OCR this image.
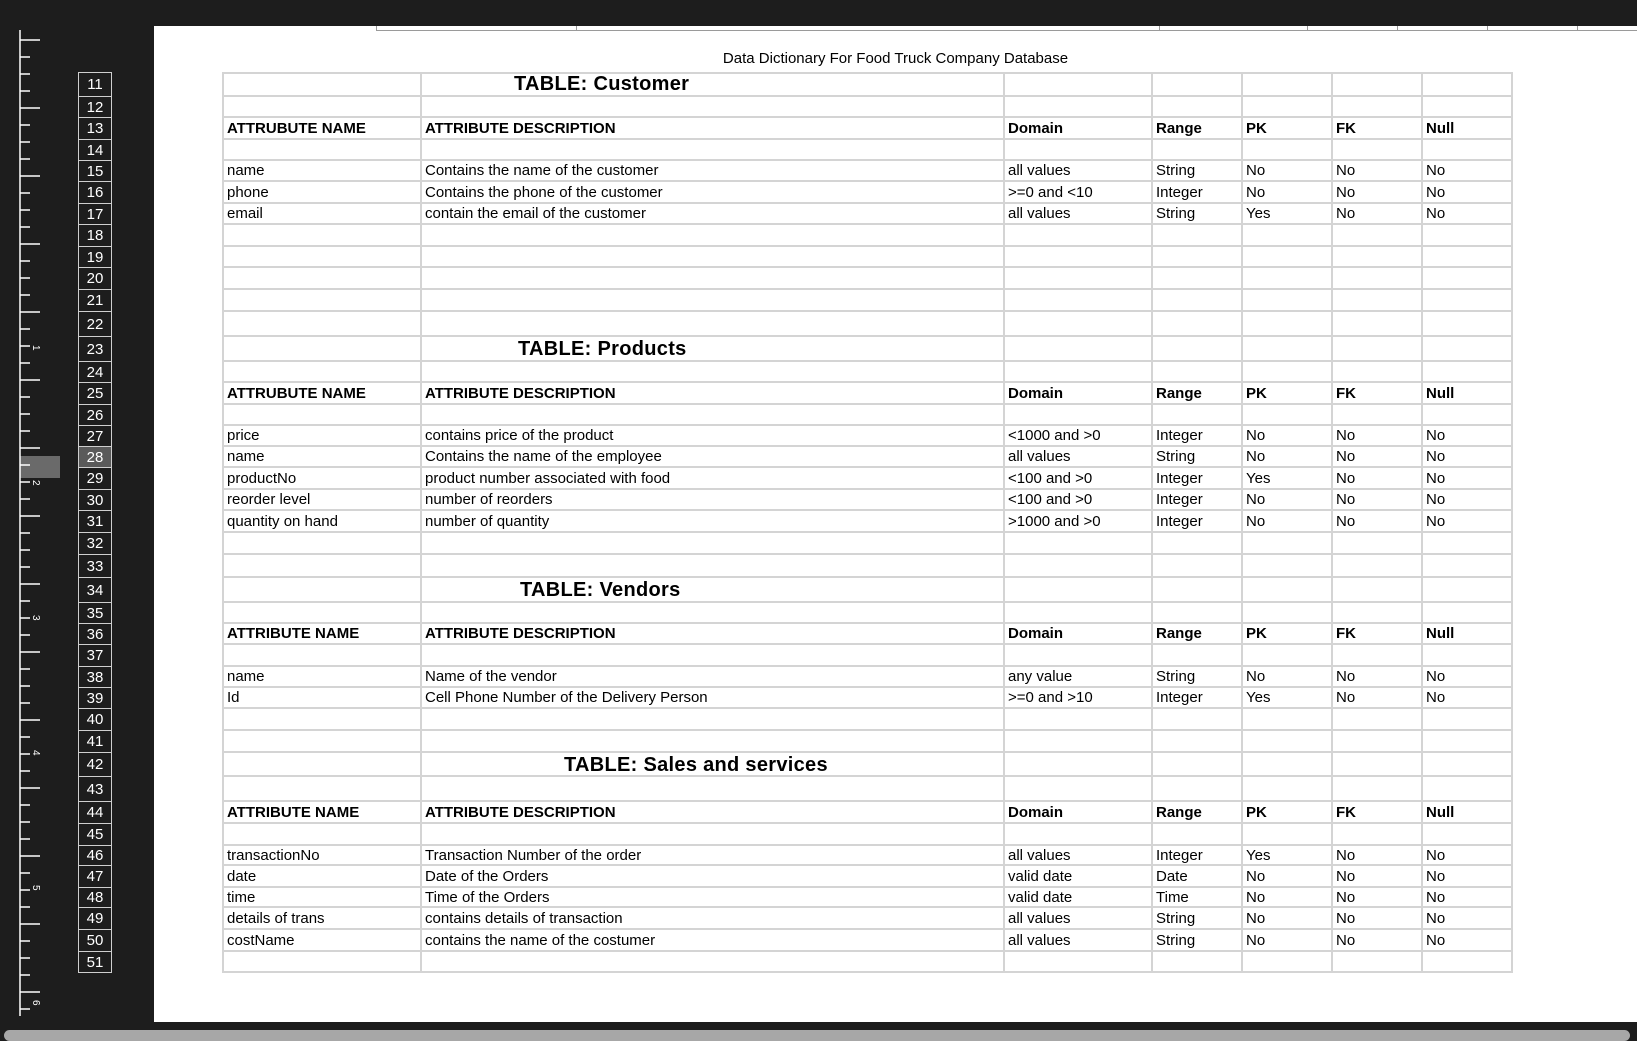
1
2
3
4
5
6
11
12
13
14
15
16
17
18
19
20
21
22
23
24
25
26
27
28
29
30
31
32
33
34
35
36
37
38
39
40
41
42
43
44
45
46
47
48
49
50
51
Data Dictionary For Food Truck Company Database
TABLE: Customer
ATTRUBUTE NAME	ATTRIBUTE DESCRIPTION	Domain	Range	PK	FK	Null
name	Contains the name of the customer	all values	String	No	No	No
phone	Contains the phone of the customer	>=0 and <10	Integer	No	No	No
email	contain the email of the customer	all values	String	Yes	No	No
TABLE: Products
ATTRUBUTE NAME	ATTRIBUTE DESCRIPTION	Domain	Range	PK	FK	Null
price	contains price of the product	<1000 and >0	Integer	No	No	No
name	Contains the name of the employee	all values	String	No	No	No
productNo	product number associated with food	<100 and >0	Integer	Yes	No	No
reorder level	number of reorders	<100 and >0	Integer	No	No	No
quantity on hand	number of quantity	>1000 and >0	Integer	No	No	No
TABLE: Vendors
ATTRIBUTE NAME	ATTRIBUTE DESCRIPTION	Domain	Range	PK	FK	Null
name	Name of the vendor	any value	String	No	No	No
Id	Cell Phone Number of the Delivery Person	>=0 and >10	Integer	Yes	No	No
TABLE: Sales and services
ATTRIBUTE NAME	ATTRIBUTE DESCRIPTION	Domain	Range	PK	FK	Null
transactionNo	Transaction Number of the order	all values	Integer	Yes	No	No
date	Date of the Orders	valid date	Date	No	No	No
time	Time of the Orders	valid date	Time	No	No	No
details of trans	contains details of transaction	all values	String	No	No	No
costName	contains the name of the costumer	all values	String	No	No	No
